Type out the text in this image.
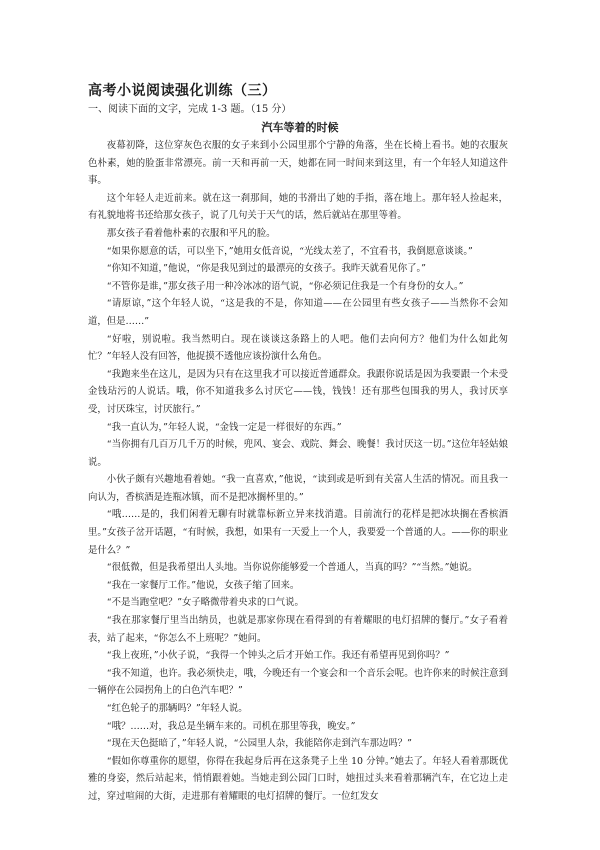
高考小说阅读强化训练（三）
一、阅读下面的文字，完成 1-3 题。（15 分）
汽车等着的时候

夜幕初降，这位穿灰色衣服的女子来到小公园里那个宁静的角落，坐在长椅上看书。她的衣服灰色朴素，她的脸蛋非常漂亮。前一天和再前一天，她都在同一时间来到这里，有一个年轻人知道这件事。

这个年轻人走近前来。就在这一刹那间，她的书滑出了她的手指，落在地上。那年轻人捡起来，有礼貌地将书还给那女孩子，说了几句关于天气的话，然后就站在那里等着。

那女孩子看着他朴素的衣服和平凡的脸。

“如果你愿意的话，可以坐下，”她用女低音说，“光线太差了，不宜看书，我倒愿意谈谈。”

“你知不知道，”他说，“你是我见到过的最漂亮的女孩子。我昨天就看见你了。”

“不管你是谁，”那女孩子用一种冷冰冰的语气说，“你必须记住我是一个有身份的女人。”

“请原谅，”这个年轻人说，“这是我的不是，你知道——在公园里有些女孩子——当然你不会知道，但是……”

“好啦，别说啦。我当然明白。现在谈谈这条路上的人吧。他们去向何方？他们为什么如此匆忙？”年轻人没有回答，他捉摸不透他应该扮演什么角色。

“我跑来坐在这儿，是因为只有在这里我才可以接近普通群众。我跟你说话是因为我要跟一个未受金钱玷污的人说话。哦，你不知道我多么讨厌它——钱，钱钱！还有那些包围我的男人，我讨厌享受，讨厌珠宝，讨厌旅行。”

“我一直认为，”年轻人说，“金钱一定是一样很好的东西。”

“当你拥有几百万几千万的时候，兜风、宴会、戏院、舞会、晚餐！我讨厌这一切。”这位年轻姑娘说。

小伙子颇有兴趣地看着她。“我一直喜欢，”他说，“读到或是听到有关富人生活的情况。而且我一向认为，香槟酒是连瓶冰镇，而不是把冰搁杯里的。”

“哦……是的，我们闲着无聊有时就靠标新立异来找消遣。目前流行的花样是把冰块搁在香槟酒里。”女孩子岔开话题，“有时候，我想，如果有一天爱上一个人，我要爱一个普通的人。——你的职业是什么？”

“很低微，但是我希望出人头地。当你说你能够爱一个普通人，当真的吗？”“当然。”她说。

“我在一家餐厅工作。”他说，女孩子缩了回来。

“不是当跑堂吧？”女子略微带着央求的口气说。

“我在那家餐厅里当出纳员，也就是那家你现在看得到的有着耀眼的电灯招牌的餐厅。”女子看着表，站了起来，“你怎么不上班呢？”她问。

“我上夜班，”小伙子说，“我得一个钟头之后才开始工作。我还有希望再见到你吗？”

“我不知道，也许。我必须快走，哦，今晚还有一个宴会和一个音乐会呢。也许你来的时候注意到一辆停在公园拐角上的白色汽车吧？”

“红色轮子的那辆吗？”年轻人说。

“哦？……对，我总是坐辆车来的。司机在那里等我，晚安。”

“现在天色挺暗了，”年轻人说，“公园里人杂，我能陪你走到汽车那边吗？”

“假如你尊重你的愿望，你得在我起身后再在这条凳子上坐 10 分钟。”她去了。年轻人看着那既优雅的身姿，然后站起来，悄悄跟着她。当她走到公园门口时，她扭过头来看着那辆汽车，在它边上走过，穿过喧闹的大街，走进那有着耀眼的电灯招牌的餐厅。一位红发女
